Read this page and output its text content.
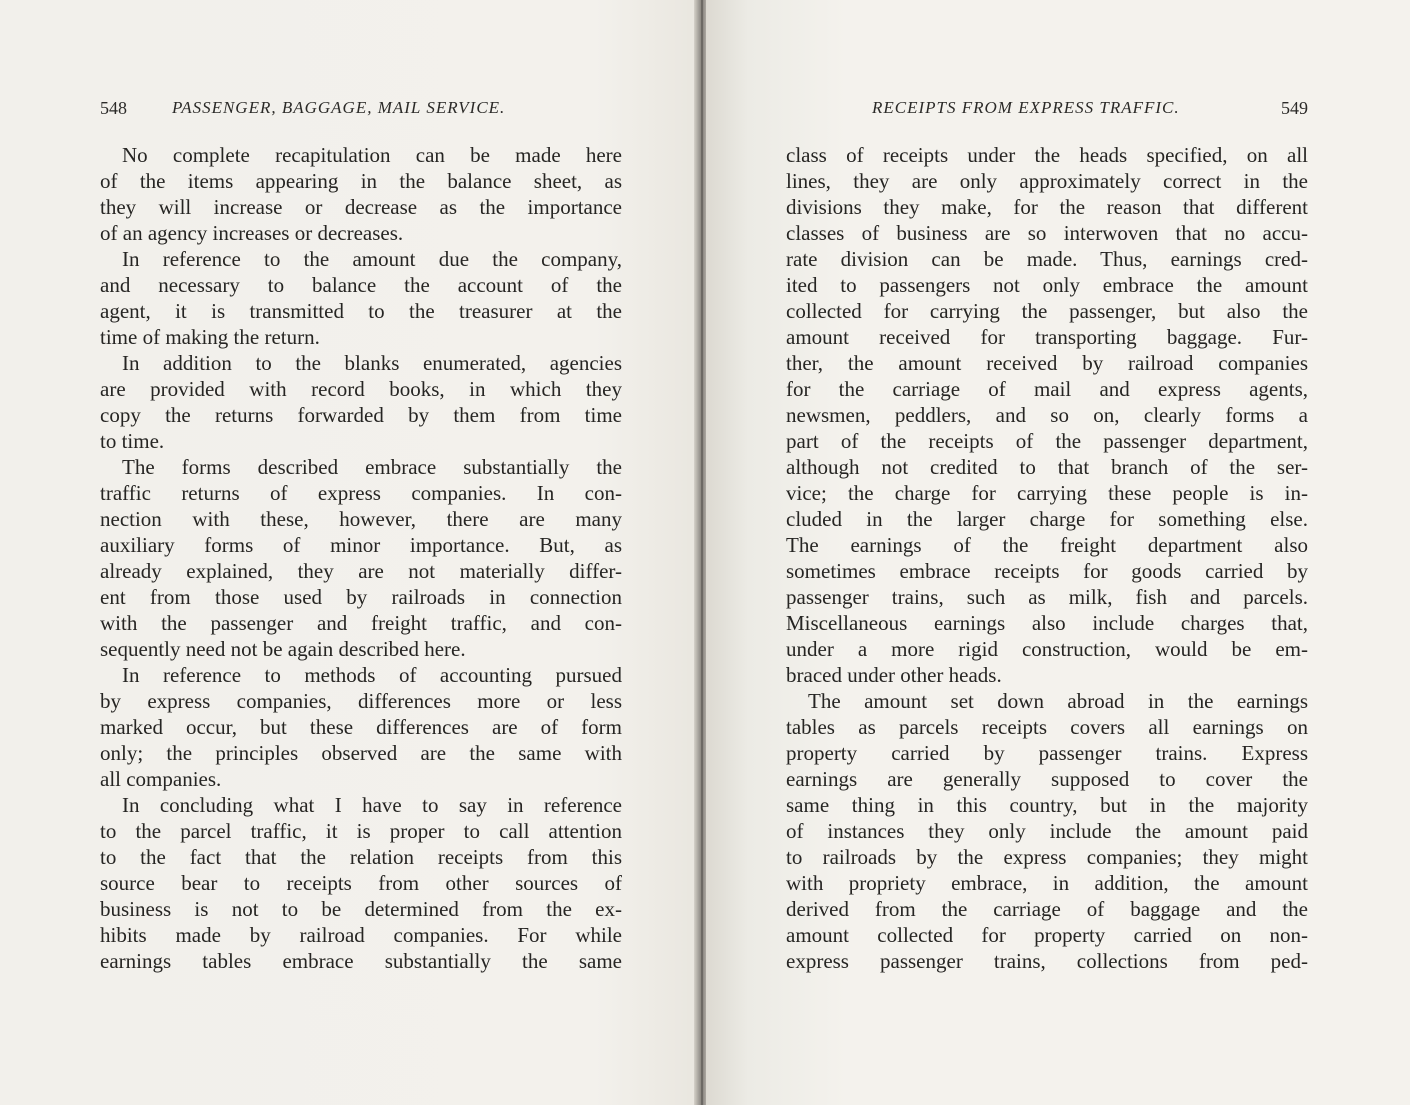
548	PASSENGER, BAGGAGE, MAIL SERVICE.
No complete recapitulation can be made here
of the items appearing in the balance sheet, as
they will increase or decrease as the importance
of an agency increases or decreases.
In reference to the amount due the company,
and necessary to balance the account of the
agent, it is transmitted to the treasurer at the
time of making the return.
In addition to the blanks enumerated, agencies
are provided with record books, in which they
copy the returns forwarded by them from time
to time.
The forms described embrace substantially the
traffic returns of express companies. In con-
nection with these, however, there are many
auxiliary forms of minor importance. But, as
already explained, they are not materially differ-
ent from those used by railroads in connection
with the passenger and freight traffic, and con-
sequently need not be again described here.
In reference to methods of accounting pursued
by express companies, differences more or less
marked occur, but these differences are of form
only; the principles observed are the same with
all companies.
In concluding what I have to say in reference
to the parcel traffic, it is proper to call attention
to the fact that the relation receipts from this
source bear to receipts from other sources of
business is not to be determined from the ex-
hibits made by railroad companies. For while
earnings tables embrace substantially the same
RECEIPTS FROM EXPRESS TRAFFIC.	549
class of receipts under the heads specified, on all
lines, they are only approximately correct in the
divisions they make, for the reason that different
classes of business are so interwoven that no accu-
rate division can be made. Thus, earnings cred-
ited to passengers not only embrace the amount
collected for carrying the passenger, but also the
amount received for transporting baggage. Fur-
ther, the amount received by railroad companies
for the carriage of mail and express agents,
newsmen, peddlers, and so on, clearly forms a
part of the receipts of the passenger department,
although not credited to that branch of the ser-
vice; the charge for carrying these people is in-
cluded in the larger charge for something else.
The earnings of the freight department also
sometimes embrace receipts for goods carried by
passenger trains, such as milk, fish and parcels.
Miscellaneous earnings also include charges that,
under a more rigid construction, would be em-
braced under other heads.
The amount set down abroad in the earnings
tables as parcels receipts covers all earnings on
property carried by passenger trains. Express
earnings are generally supposed to cover the
same thing in this country, but in the majority
of instances they only include the amount paid
to railroads by the express companies; they might
with propriety embrace, in addition, the amount
derived from the carriage of baggage and the
amount collected for property carried on non-
express passenger trains, collections from ped-
